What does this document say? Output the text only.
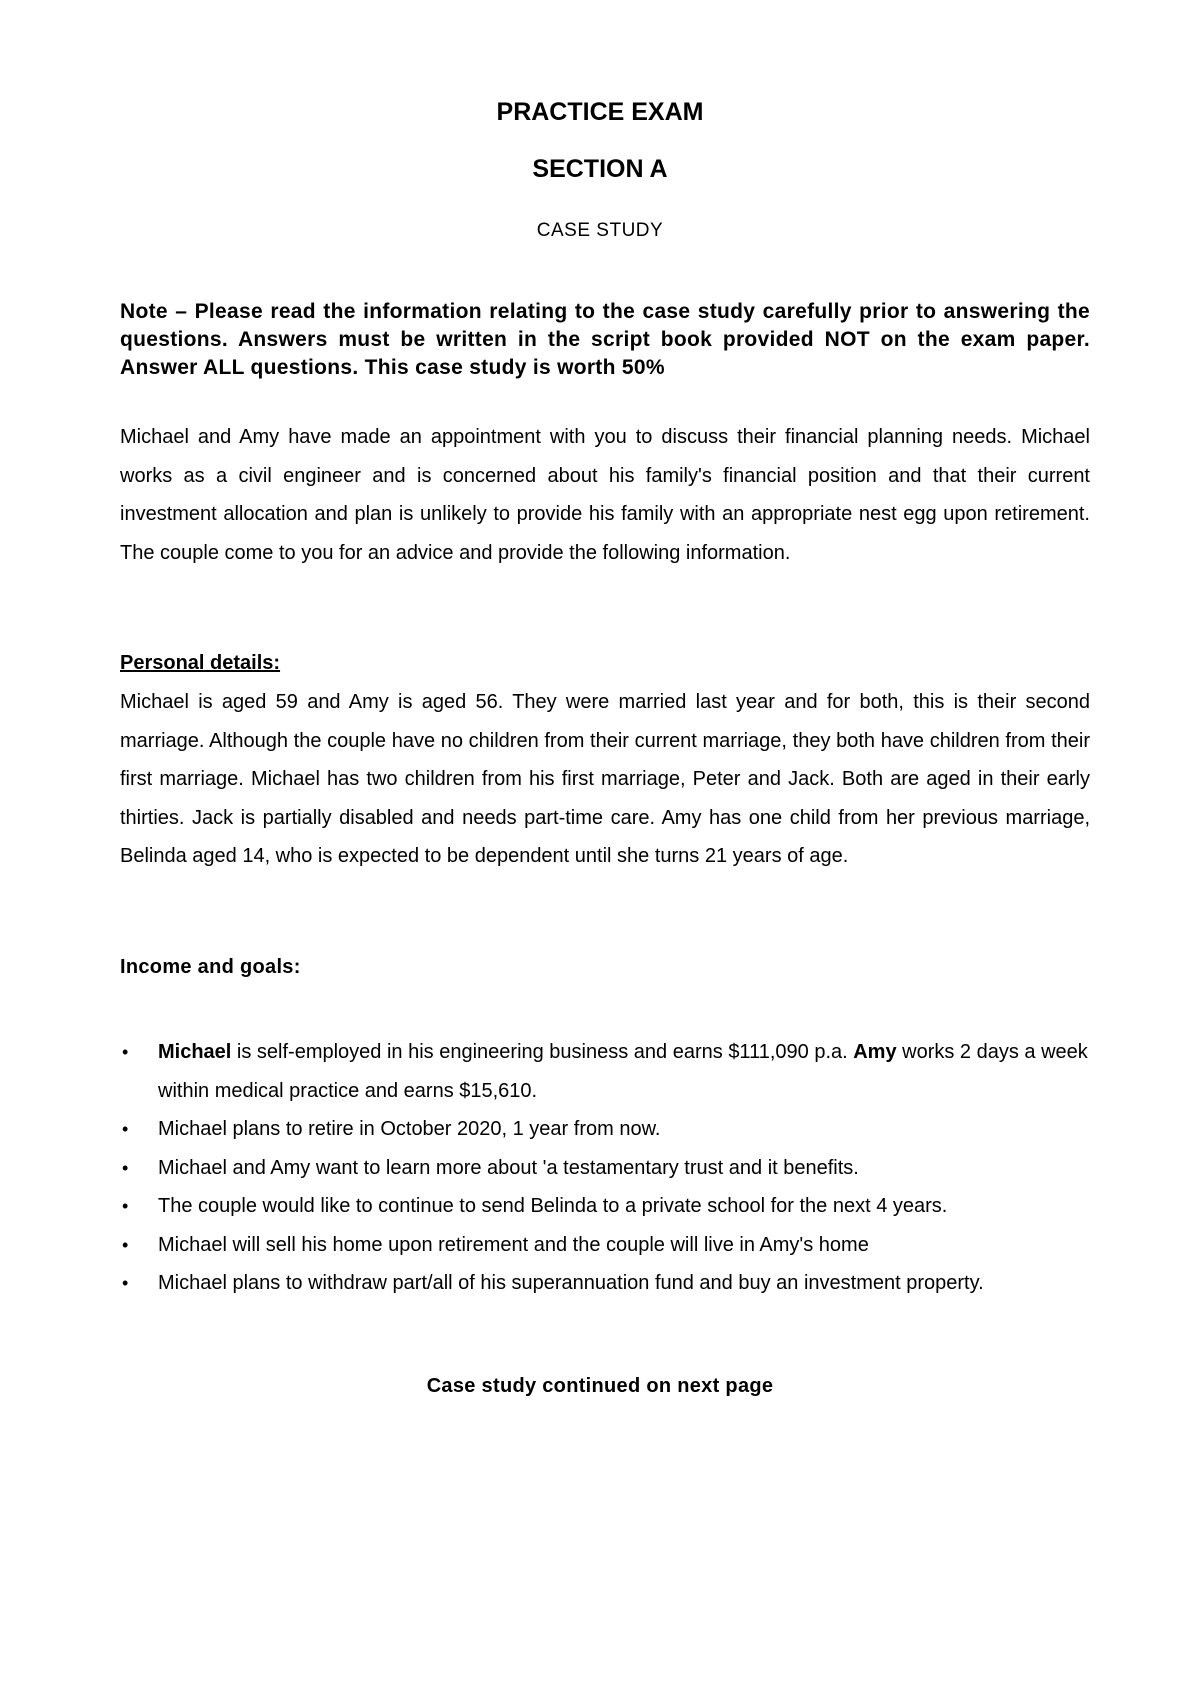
PRACTICE EXAM

SECTION A

CASE STUDY

Note – Please read the information relating to the case study carefully prior to answering the questions. Answers must be written in the script book provided NOT on the exam paper. Answer ALL questions. This case study is worth 50%

Michael and Amy have made an appointment with you to discuss their financial planning needs. Michael works as a civil engineer and is concerned about his family's financial position and that their current investment allocation and plan is unlikely to provide his family with an appropriate nest egg upon retirement. The couple come to you for an advice and provide the following information.

Personal details:

Michael is aged 59 and Amy is aged 56. They were married last year and for both, this is their second marriage. Although the couple have no children from their current marriage, they both have children from their first marriage. Michael has two children from his first marriage, Peter and Jack. Both are aged in their early thirties. Jack is partially disabled and needs part-time care. Amy has one child from her previous marriage, Belinda aged 14, who is expected to be dependent until she turns 21 years of age.

Income and goals:

• Michael is self-employed in his engineering business and earns $111,090 p.a. Amy works 2 days a week within medical practice and earns $15,610.
• Michael plans to retire in October 2020, 1 year from now.
• Michael and Amy want to learn more about 'a testamentary trust and it benefits.
• The couple would like to continue to send Belinda to a private school for the next 4 years.
• Michael will sell his home upon retirement and the couple will live in Amy's home
• Michael plans to withdraw part/all of his superannuation fund and buy an investment property.

Case study continued on next page
